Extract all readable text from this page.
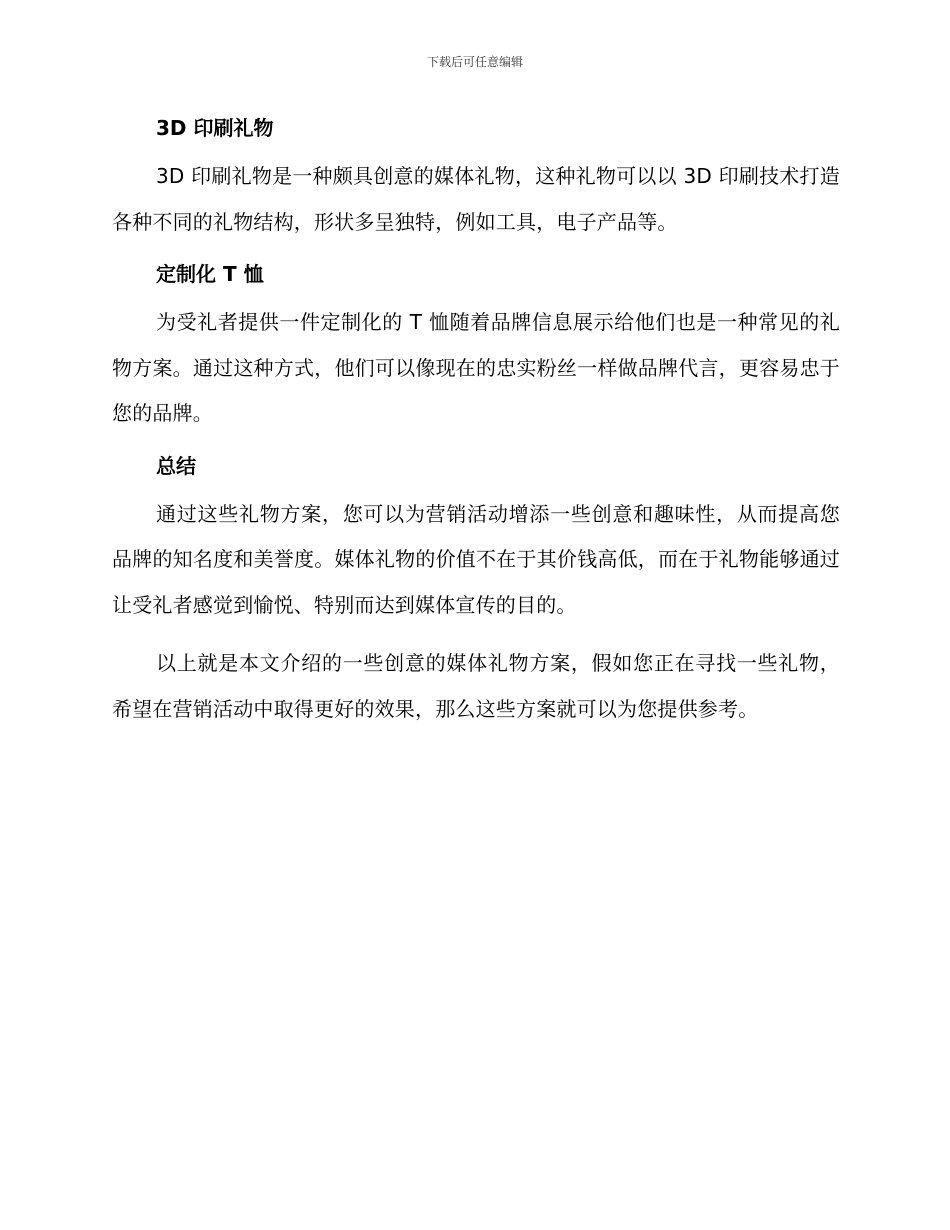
下载后可任意编辑
3D 印刷礼物

3D 印刷礼物是一种颇具创意的媒体礼物，这种礼物可以以 3D 印刷技术打造各种不同的礼物结构，形状多呈独特，例如工具，电子产品等。

定制化 T 恤

为受礼者提供一件定制化的 T 恤随着品牌信息展示给他们也是一种常见的礼物方案。通过这种方式，他们可以像现在的忠实粉丝一样做品牌代言，更容易忠于您的品牌。

总结

通过这些礼物方案，您可以为营销活动增添一些创意和趣味性，从而提高您品牌的知名度和美誉度。媒体礼物的价值不在于其价钱高低，而在于礼物能够通过让受礼者感觉到愉悦、特别而达到媒体宣传的目的。

以上就是本文介绍的一些创意的媒体礼物方案，假如您正在寻找一些礼物，希望在营销活动中取得更好的效果，那么这些方案就可以为您提供参考。
